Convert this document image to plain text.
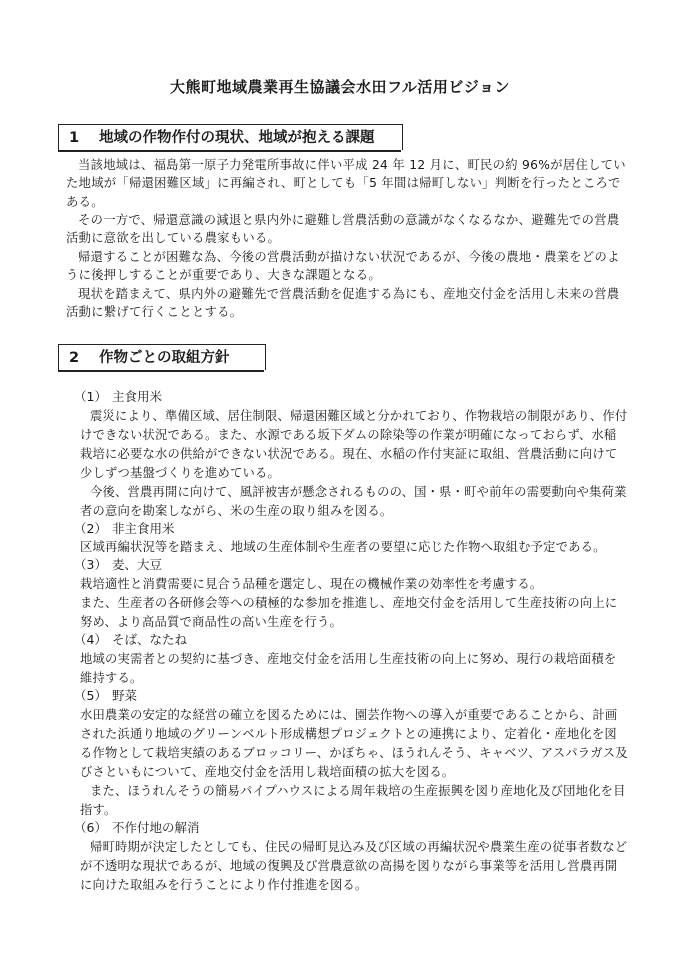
大熊町地域農業再生協議会水田フル活用ビジョン
1 地域の作物作付の現状、地域が抱える課題

当該地域は、福島第一原子力発電所事故に伴い平成 24 年 12 月に、町民の約 96%が居住していた地域が「帰還困難区域」に再編され、町としても「5 年間は帰町しない」判断を行ったところである。

その一方で、帰還意識の減退と県内外に避難し営農活動の意識がなくなるなか、避難先での営農活動に意欲を出している農家もいる。

帰還することが困難な為、今後の営農活動が描けない状況であるが、今後の農地・農業をどのように後押しすることが重要であり、大きな課題となる。

現状を踏まえて、県内外の避難先で営農活動を促進する為にも、産地交付金を活用し未来の営農活動に繋げて行くこととする。

2 作物ごとの取組方針
（1） 主食用米

震災により、準備区域、居住制限、帰還困難区域と分かれており、作物栽培の制限があり、作付けできない状況である。また、水源である坂下ダムの除染等の作業が明確になっておらず、水稲栽培に必要な水の供給ができない状況である。現在、水稲の作付実証に取組、営農活動に向けて少しずつ基盤づくりを進めている。

今後、営農再開に向けて、風評被害が懸念されるものの、国・県・町や前年の需要動向や集荷業者の意向を勘案しながら、米の生産の取り組みを図る。

（2） 非主食用米

区域再編状況等を踏まえ、地域の生産体制や生産者の要望に応じた作物へ取組む予定である。

（3） 麦、大豆

栽培適性と消費需要に見合う品種を選定し、現在の機械作業の効率性を考慮する。

また、生産者の各研修会等への積極的な参加を推進し、産地交付金を活用して生産技術の向上に努め、より高品質で商品性の高い生産を行う。

（4） そば、なたね

地域の実需者との契約に基づき、産地交付金を活用し生産技術の向上に努め、現行の栽培面積を維持する。

（5） 野菜

水田農業の安定的な経営の確立を図るためには、園芸作物への導入が重要であることから、計画された浜通り地域のグリーンベルト形成構想プロジェクトとの連携により、定着化・産地化を図る作物として栽培実績のあるブロッコリー、かぼちゃ、ほうれんそう、キャベツ、アスパラガス及びさといもについて、産地交付金を活用し栽培面積の拡大を図る。

また、ほうれんそうの簡易パイプハウスによる周年栽培の生産振興を図り産地化及び団地化を目指す。

（6） 不作付地の解消

帰町時期が決定したとしても、住民の帰町見込み及び区域の再編状況や農業生産の従事者数などが不透明な現状であるが、地域の復興及び営農意欲の高揚を図りながら事業等を活用し営農再開に向けた取組みを行うことにより作付推進を図る。
